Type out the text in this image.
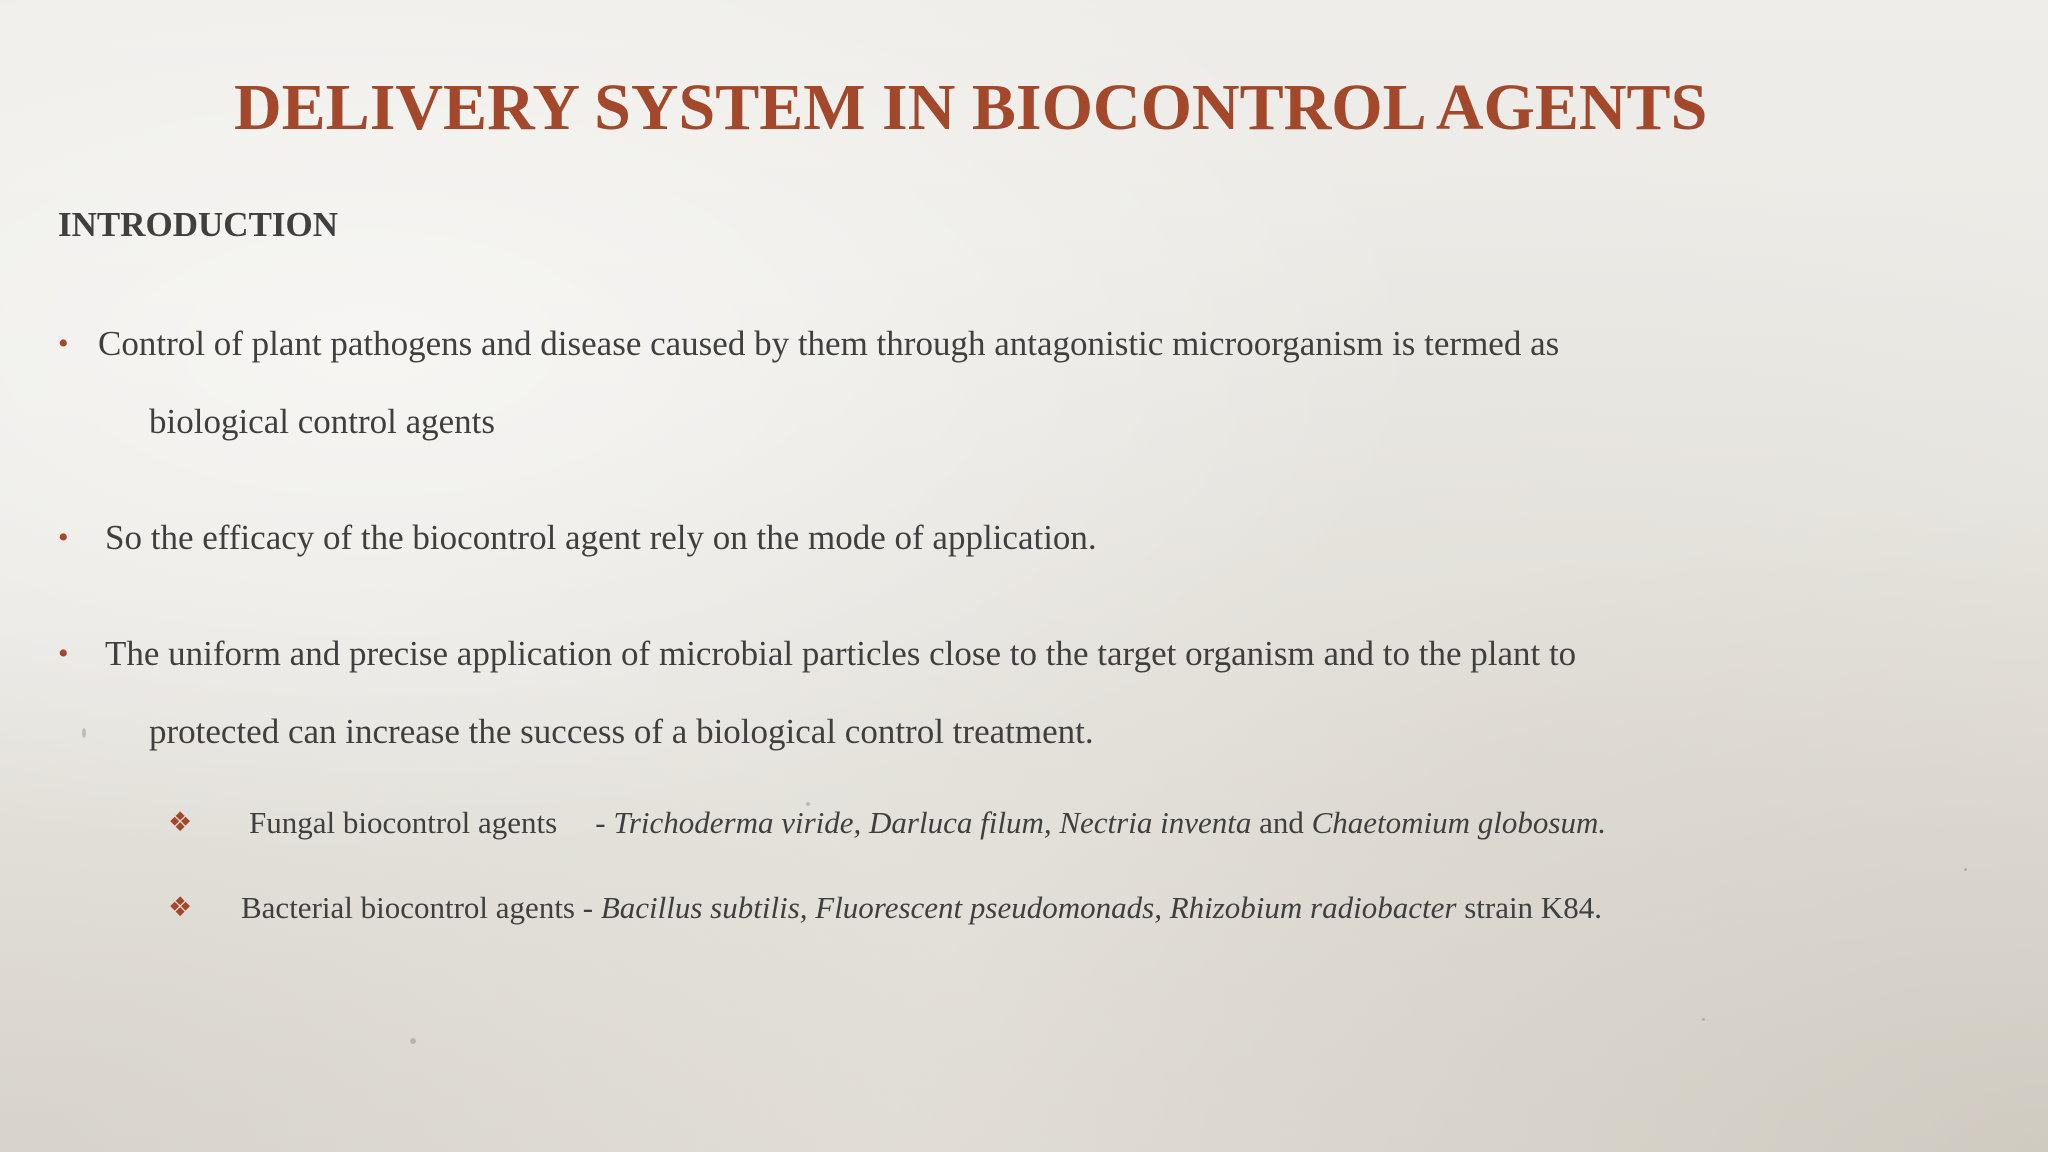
DELIVERY SYSTEM IN BIOCONTROL AGENTS
INTRODUCTION
• Control of plant pathogens and disease caused by them through antagonistic microorganism is termed as
biological control agents
• So the efficacy of the biocontrol agent rely on the mode of application.
• The uniform and precise application of microbial particles close to the target organism and to the plant to
protected can increase the success of a biological control treatment.
❖ Fungal biocontrol agents - Trichoderma viride, Darluca filum, Nectria inventa and Chaetomium globosum.
❖ Bacterial biocontrol agents - Bacillus subtilis, Fluorescent pseudomonads, Rhizobium radiobacter strain K84.
